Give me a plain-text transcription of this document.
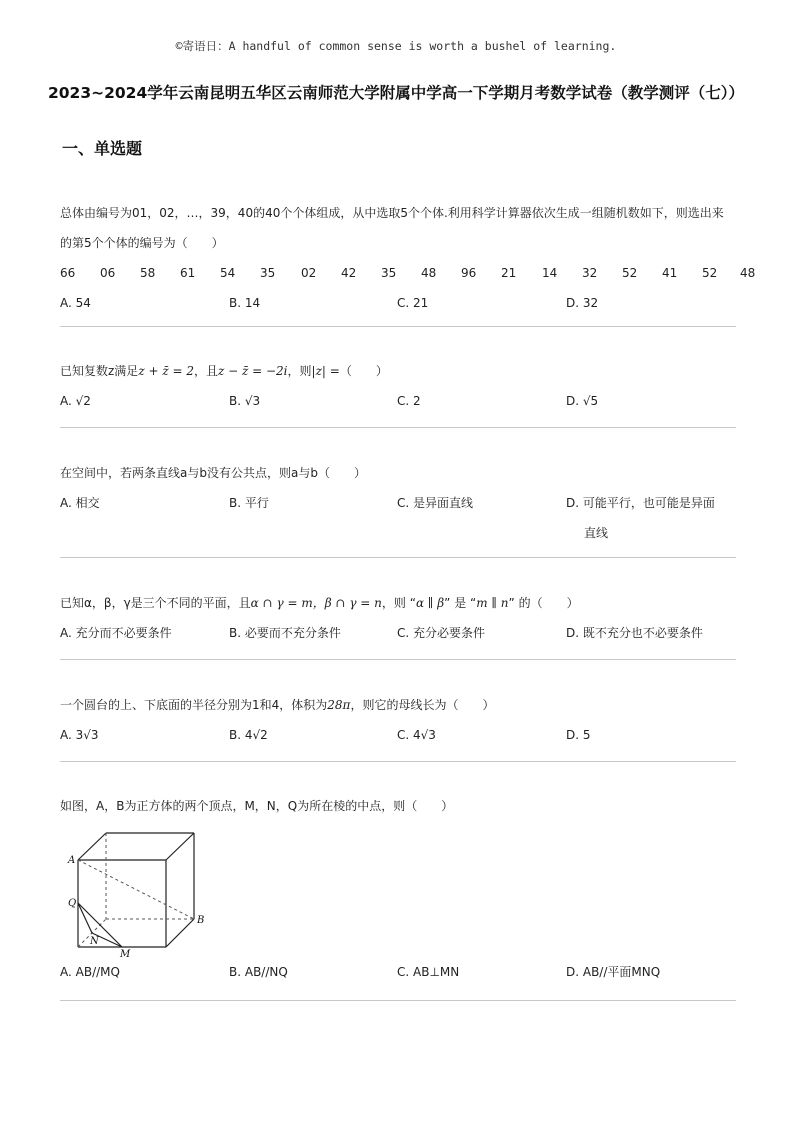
©寄语日：A handful of common sense is worth a bushel of learning.
2023~2024学年云南昆明五华区云南师范大学附属中学高一下学期月考数学试卷（教学测评（七））
一、单选题
总体由编号为01，02，…，39，40的40个个体组成，从中选取5个个体.利用科学计算器依次生成一组随机数如下，则选出来
的第5个个体的编号为（　　）
66 06 58 61 54 35 02 42 35 48 96 21 14 32 52 41 52 48
A. 54	B. 14	C. 21	D. 32
已知复数z满足z + z̄ = 2，且z − z̄ = −2i，则|z| =（　　）
A. √2	B. √3	C. 2	D. √5
在空间中，若两条直线a与b没有公共点，则a与b（　　）
A. 相交	B. 平行	C. 是异面直线	D. 可能平行，也可能是异面
直线
已知α，β，γ是三个不同的平面，且α ∩ γ = m，β ∩ γ = n，则 “α ∥ β” 是 “m ∥ n” 的（　　）
A. 充分而不必要条件	B. 必要而不充分条件	C. 充分必要条件	D. 既不充分也不必要条件
一个圆台的上、下底面的半径分别为1和4，体积为28π，则它的母线长为（　　）
A. 3√3	B. 4√2	C. 4√3	D. 5
如图，A，B为正方体的两个顶点，M，N，Q为所在棱的中点，则（　　）
A
B
Q
N
M
A. AB//MQ	B. AB//NQ	C. AB⊥MN	D. AB//平面MNQ
